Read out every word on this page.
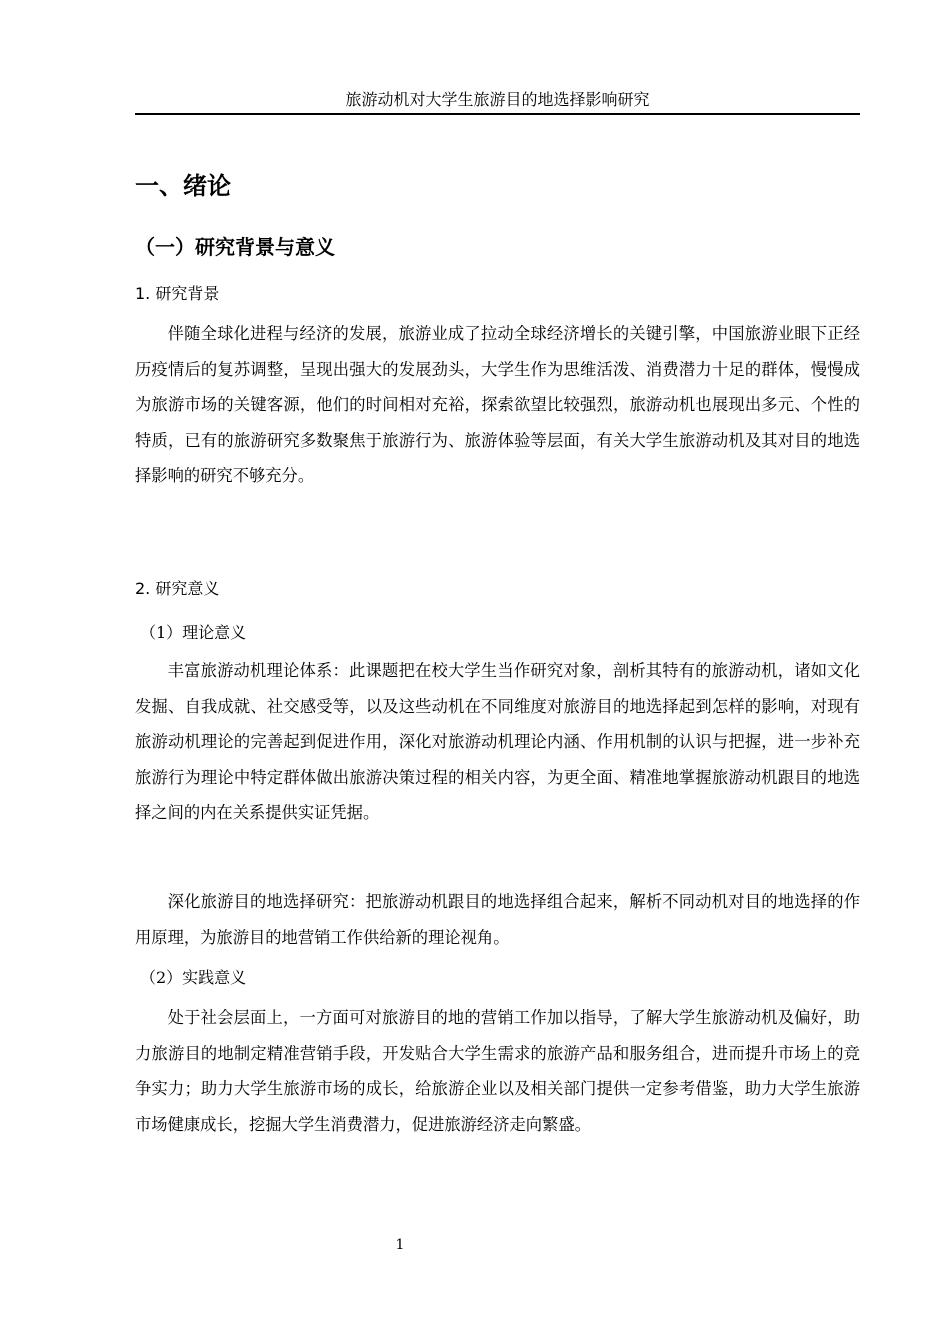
旅游动机对大学生旅游目的地选择影响研究
一、绪论
（一）研究背景与意义
1. 研究背景

伴随全球化进程与经济的发展，旅游业成了拉动全球经济增长的关键引擎，中国旅游业眼下正经历疫情后的复苏调整，呈现出强大的发展劲头，大学生作为思维活泼、消费潜力十足的群体，慢慢成为旅游市场的关键客源，他们的时间相对充裕，探索欲望比较强烈，旅游动机也展现出多元、个性的特质，已有的旅游研究多数聚焦于旅游行为、旅游体验等层面，有关大学生旅游动机及其对目的地选择影响的研究不够充分。

2. 研究意义
（1）理论意义

丰富旅游动机理论体系：此课题把在校大学生当作研究对象，剖析其特有的旅游动机，诸如文化发掘、自我成就、社交感受等，以及这些动机在不同维度对旅游目的地选择起到怎样的影响，对现有旅游动机理论的完善起到促进作用，深化对旅游动机理论内涵、作用机制的认识与把握，进一步补充旅游行为理论中特定群体做出旅游决策过程的相关内容，为更全面、精准地掌握旅游动机跟目的地选择之间的内在关系提供实证凭据。

深化旅游目的地选择研究：把旅游动机跟目的地选择组合起来，解析不同动机对目的地选择的作用原理，为旅游目的地营销工作供给新的理论视角。

（2）实践意义

处于社会层面上，一方面可对旅游目的地的营销工作加以指导，了解大学生旅游动机及偏好，助力旅游目的地制定精准营销手段，开发贴合大学生需求的旅游产品和服务组合，进而提升市场上的竞争实力；助力大学生旅游市场的成长，给旅游企业以及相关部门提供一定参考借鉴，助力大学生旅游市场健康成长，挖掘大学生消费潜力，促进旅游经济走向繁盛。

1
